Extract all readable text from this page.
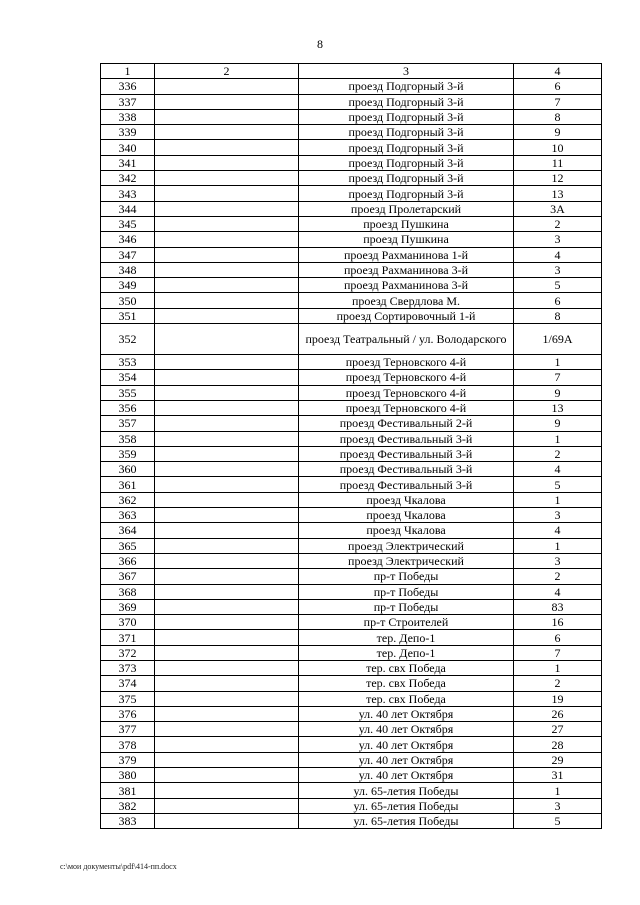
8
1	2	3	4
336		проезд Подгорный 3-й	6
337		проезд Подгорный 3-й	7
338		проезд Подгорный 3-й	8
339		проезд Подгорный 3-й	9
340		проезд Подгорный 3-й	10
341		проезд Подгорный 3-й	11
342		проезд Подгорный 3-й	12
343		проезд Подгорный 3-й	13
344		проезд Пролетарский	3А
345		проезд Пушкина	2
346		проезд Пушкина	3
347		проезд Рахманинова 1-й	4
348		проезд Рахманинова 3-й	3
349		проезд Рахманинова 3-й	5
350		проезд Свердлова М.	6
351		проезд Сортировочный 1-й	8
352		проезд Театральный / ул. Володарского	1/69А
353		проезд Терновского 4-й	1
354		проезд Терновского 4-й	7
355		проезд Терновского 4-й	9
356		проезд Терновского 4-й	13
357		проезд Фестивальный 2-й	9
358		проезд Фестивальный 3-й	1
359		проезд Фестивальный 3-й	2
360		проезд Фестивальный 3-й	4
361		проезд Фестивальный 3-й	5
362		проезд Чкалова	1
363		проезд Чкалова	3
364		проезд Чкалова	4
365		проезд Электрический	1
366		проезд Электрический	3
367		пр-т Победы	2
368		пр-т Победы	4
369		пр-т Победы	83
370		пр-т Строителей	16
371		тер. Депо-1	6
372		тер. Депо-1	7
373		тер. свх Победа	1
374		тер. свх Победа	2
375		тер. свх Победа	19
376		ул. 40 лет Октября	26
377		ул. 40 лет Октября	27
378		ул. 40 лет Октября	28
379		ул. 40 лет Октября	29
380		ул. 40 лет Октября	31
381		ул. 65-летия Победы	1
382		ул. 65-летия Победы	3
383		ул. 65-летия Победы	5
c:\мои документы\pdf\414-пп.docx
